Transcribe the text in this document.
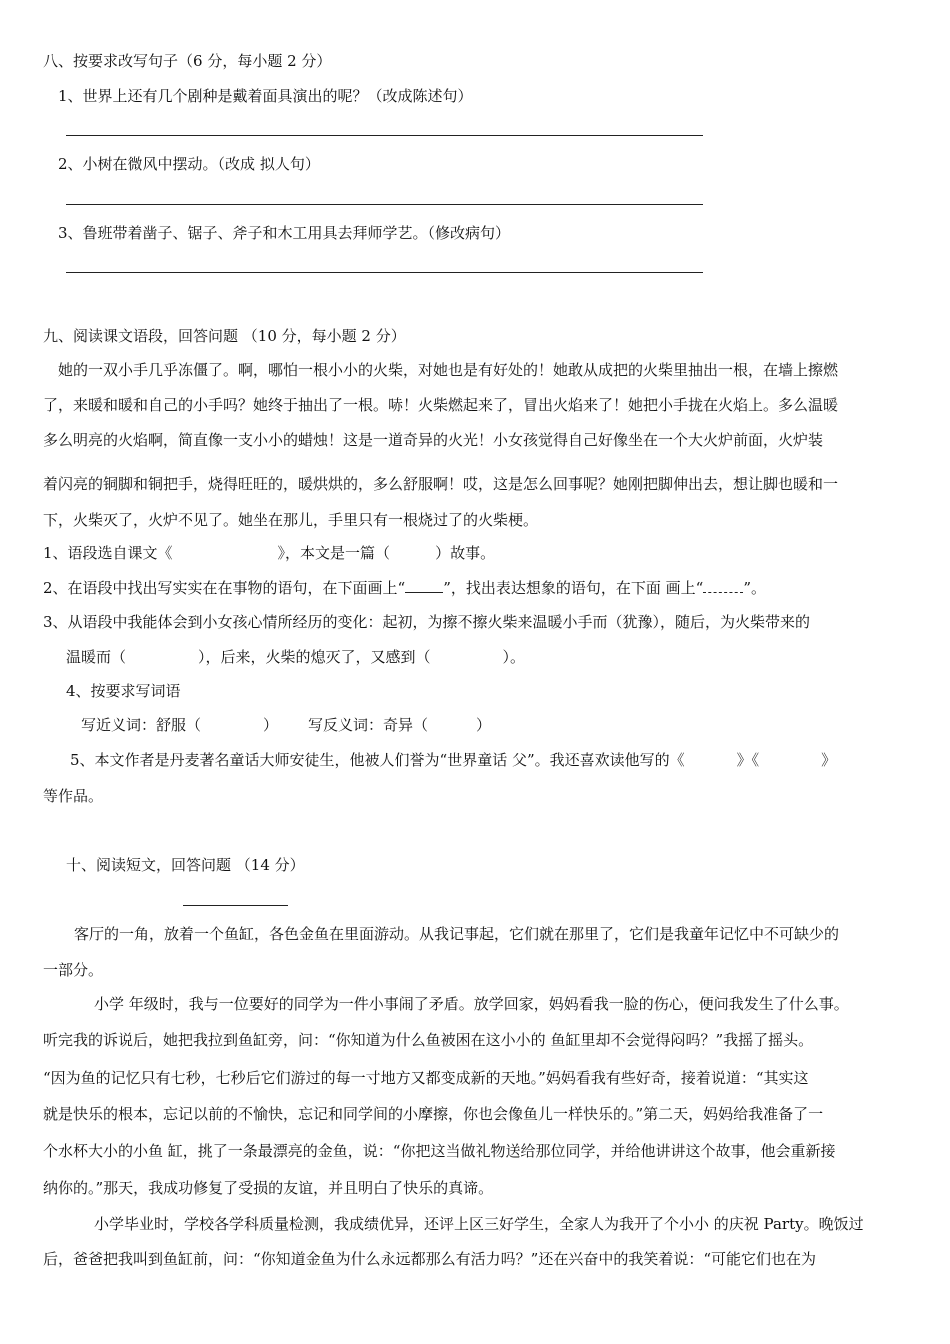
八、按要求改写句子（6 分，每小题 2 分）
1、世界上还有几个剧种是戴着面具演出的呢？（改成陈述句）
2、小树在微风中摆动。（改成 拟人句）
3、鲁班带着凿子、锯子、斧子和木工用具去拜师学艺。（修改病句）
九、阅读课文语段，回答问题 （10 分，每小题 2 分）
她的一双小手几乎冻僵了。啊，哪怕一根小小的火柴，对她也是有好处的！她敢从成把的火柴里抽出一根，在墙上擦燃
了，来暖和暖和自己的小手吗？她终于抽出了一根。哧！火柴燃起来了，冒出火焰来了！她把小手拢在火焰上。多么温暖
多么明亮的火焰啊，简直像一支小小的蜡烛！这是一道奇异的火光！小女孩觉得自己好像坐在一个大火炉前面，火炉装
着闪亮的铜脚和铜把手，烧得旺旺的，暖烘烘的，多么舒服啊！哎，这是怎么回事呢？她刚把脚伸出去，想让脚也暖和一
下，火柴灭了，火炉不见了。她坐在那儿，手里只有一根烧过了的火柴梗。
1、语段选自课文《	》，本文是一篇（	）故事。
2、在语段中找出写实实在在事物的语句，在下面画上“	”，找出表达想象的语句，在下面 画上“	”。
3、从语段中我能体会到小女孩心情所经历的变化：起初，为擦不擦火柴来温暖小手而（犹豫），随后，为火柴带来的
温暖而（	），后来，火柴的熄灭了，又感到（	）。
4、按要求写词语
写近义词：舒服（	） 写反义词：奇异（	）
5、本文作者是丹麦著名童话大师安徒生，他被人们誉为“世界童话 父”。我还喜欢读他写的《	》《	》
等作品。
十、阅读短文，回答问题 （14 分）
客厅的一角，放着一个鱼缸，各色金鱼在里面游动。从我记事起，它们就在那里了，它们是我童年记忆中不可缺少的
一部分。
小学 年级时，我与一位要好的同学为一件小事闹了矛盾。放学回家，妈妈看我一脸的伤心，便问我发生了什么事。
听完我的诉说后，她把我拉到鱼缸旁，问：“你知道为什么鱼被困在这小小的 鱼缸里却不会觉得闷吗？”我摇了摇头。
“因为鱼的记忆只有七秒，七秒后它们游过的每一寸地方又都变成新的天地。”妈妈看我有些好奇，接着说道：“其实这
就是快乐的根本，忘记以前的不愉快，忘记和同学间的小摩擦，你也会像鱼儿一样快乐的。”第二天，妈妈给我准备了一
个水杯大小的小鱼 缸，挑了一条最漂亮的金鱼，说：“你把这当做礼物送给那位同学，并给他讲讲这个故事，他会重新接
纳你的。”那天，我成功修复了受损的友谊，并且明白了快乐的真谛。
小学毕业时，学校各学科质量检测，我成绩优异，还评上区三好学生，全家人为我开了个小小 的庆祝 Party。晚饭过
后，爸爸把我叫到鱼缸前，问：“你知道金鱼为什么永远都那么有活力吗？”还在兴奋中的我笑着说：“可能它们也在为
